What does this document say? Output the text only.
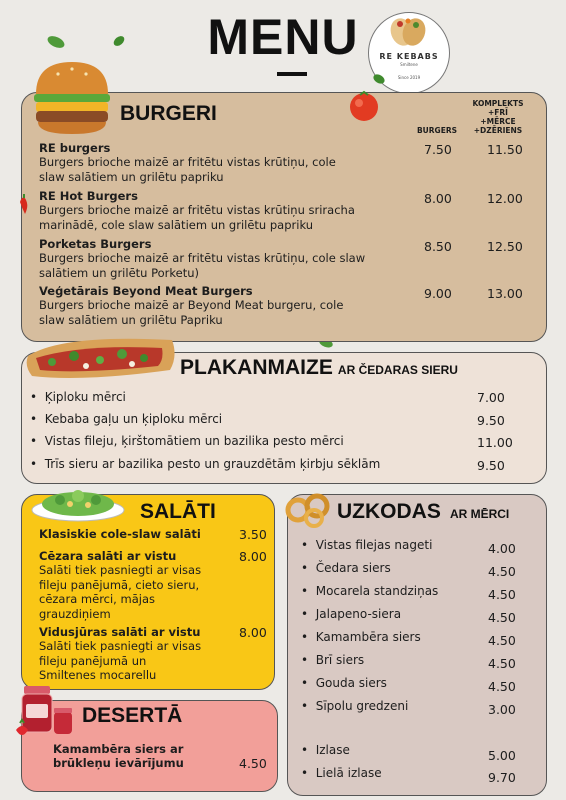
MENU	RE KEBABS
Smiltene
Since 2019
BURGERI
BURGERS
KOMPLEKTS
+FRĪ
+MĒRCE
+DZĒRIENS
RE burgers
Burgers brioche maizē ar fritētu vistas krūtiņu, cole
slaw salātiem un grilētu papriku
7.50	11.50
RE Hot Burgers
Burgers brioche maizē ar fritētu vistas krūtiņu sriracha
marinādē, cole slaw salātiem un grilētu papriku
8.00	12.00
Porketas Burgers
Burgers brioche maizē ar fritētu vistas krūtiņu, cole slaw
salātiem un grilētu Porketu)
8.50	12.50
Veģetārais Beyond Meat Burgers
Burgers brioche maizē ar Beyond Meat burgeru, cole
slaw salātiem un grilētu Papriku
9.00	13.00
PLAKANMAIZE AR ČEDARAS SIERU
•  Ķiploku mērci	7.00
•  Kebaba gaļu un ķiploku mērci	9.50
•  Vistas fileju, ķirštomātiem un bazilika pesto mērci	11.00
•  Trīs sieru ar bazilika pesto un grauzdētām ķirbju sēklām	9.50
SALĀTI
Klasiskie cole-slaw salāti	3.50
Cēzara salāti ar vistu
Salāti tiek pasniegti ar visas
fileju panējumā, cieto sieru,
cēzara mērci, mājas
grauzdiņiem
8.00
Vidusjūras salāti ar vistu
Salāti tiek pasniegti ar visas
fileju panējumā un
Smiltenes mocarellu
8.00
UZKODAS AR MĒRCI
•  Vistas filejas nageti	4.00
•  Čedara siers	4.50
•  Mocarela standziņas	4.50
•  Jalapeno-siera	4.50
•  Kamambēra siers	4.50
•  Brī siers	4.50
•  Gouda siers	4.50
•  Sīpolu gredzeni	3.00
•  Izlase	5.00
•  Lielā izlase	9.70
DESERTĀ
Kamambēra siers ar
brūkleņu ievārījumu	4.50
